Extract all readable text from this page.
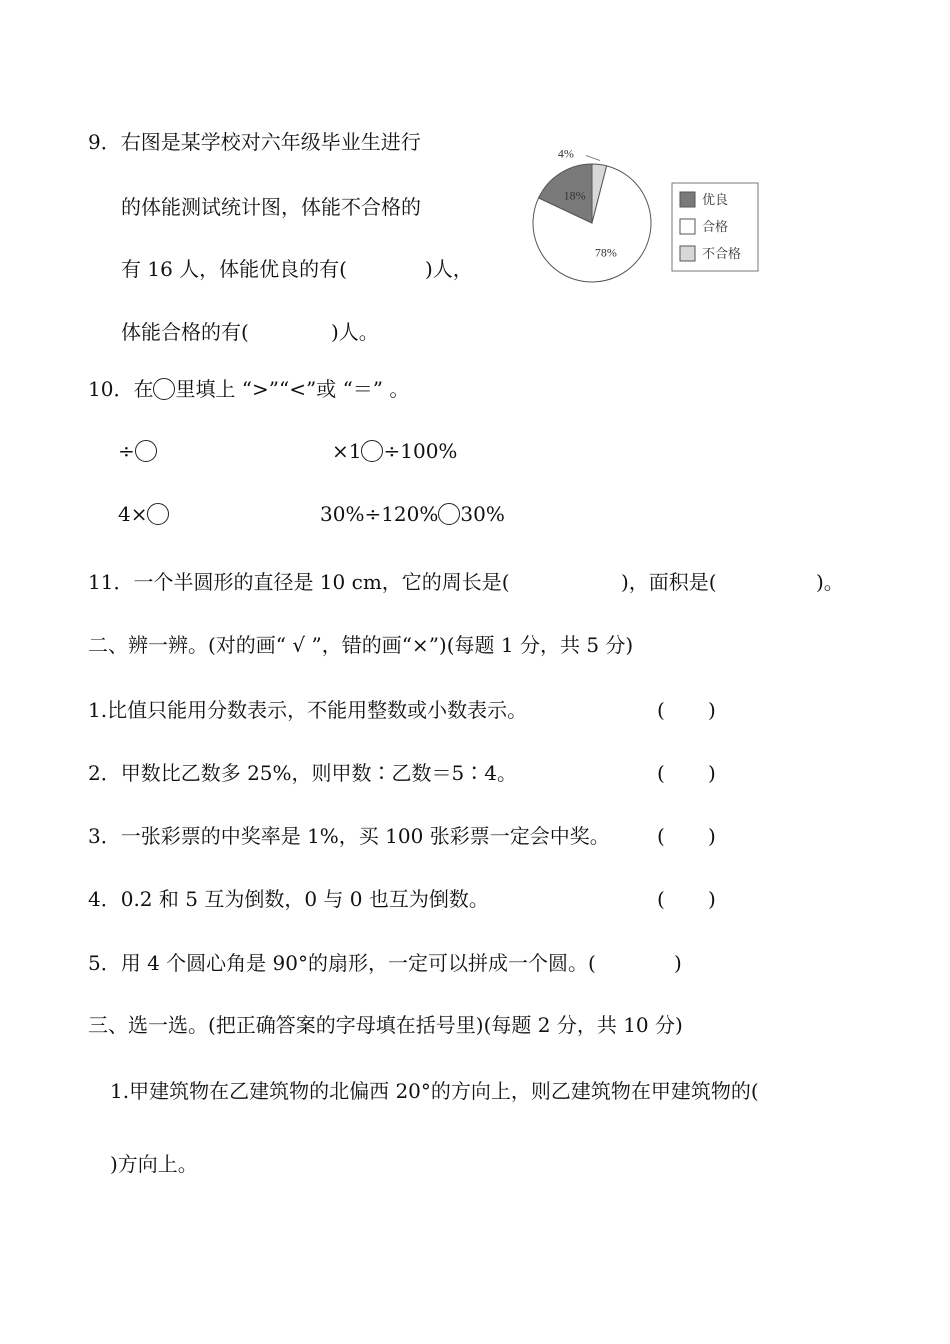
9．右图是某学校对六年级毕业生进行
的体能测试统计图，体能不合格的
有 16 人，体能优良的有(	)人，
体能合格的有(	)人。
4%
78%
18%	优良
合格
不合格
10．在 里填上 “>”“<”或 “＝” 。
÷	×1 ÷100%
4×	30%÷120% 30%
11．一个半圆形的直径是 10 cm，它的周长是(	)，面积是(	)。
二、辨一辨。(对的画“ √ ”，错的画“×”)(每题 1 分，共 5 分)
1.比值只能用分数表示，不能用整数或小数表示。	( )
2．甲数比乙数多 25%，则甲数∶乙数＝5∶4。	( )
3．一张彩票的中奖率是 1%，买 100 张彩票一定会中奖。 ( )
4．0.2 和 5 互为倒数，0 与 0 也互为倒数。	( )
5．用 4 个圆心角是 90°的扇形，一定可以拼成一个圆。(	)
三、选一选。(把正确答案的字母填在括号里)(每题 2 分，共 10 分)
1.甲建筑物在乙建筑物的北偏西 20°的方向上，则乙建筑物在甲建筑物的(
)方向上。
